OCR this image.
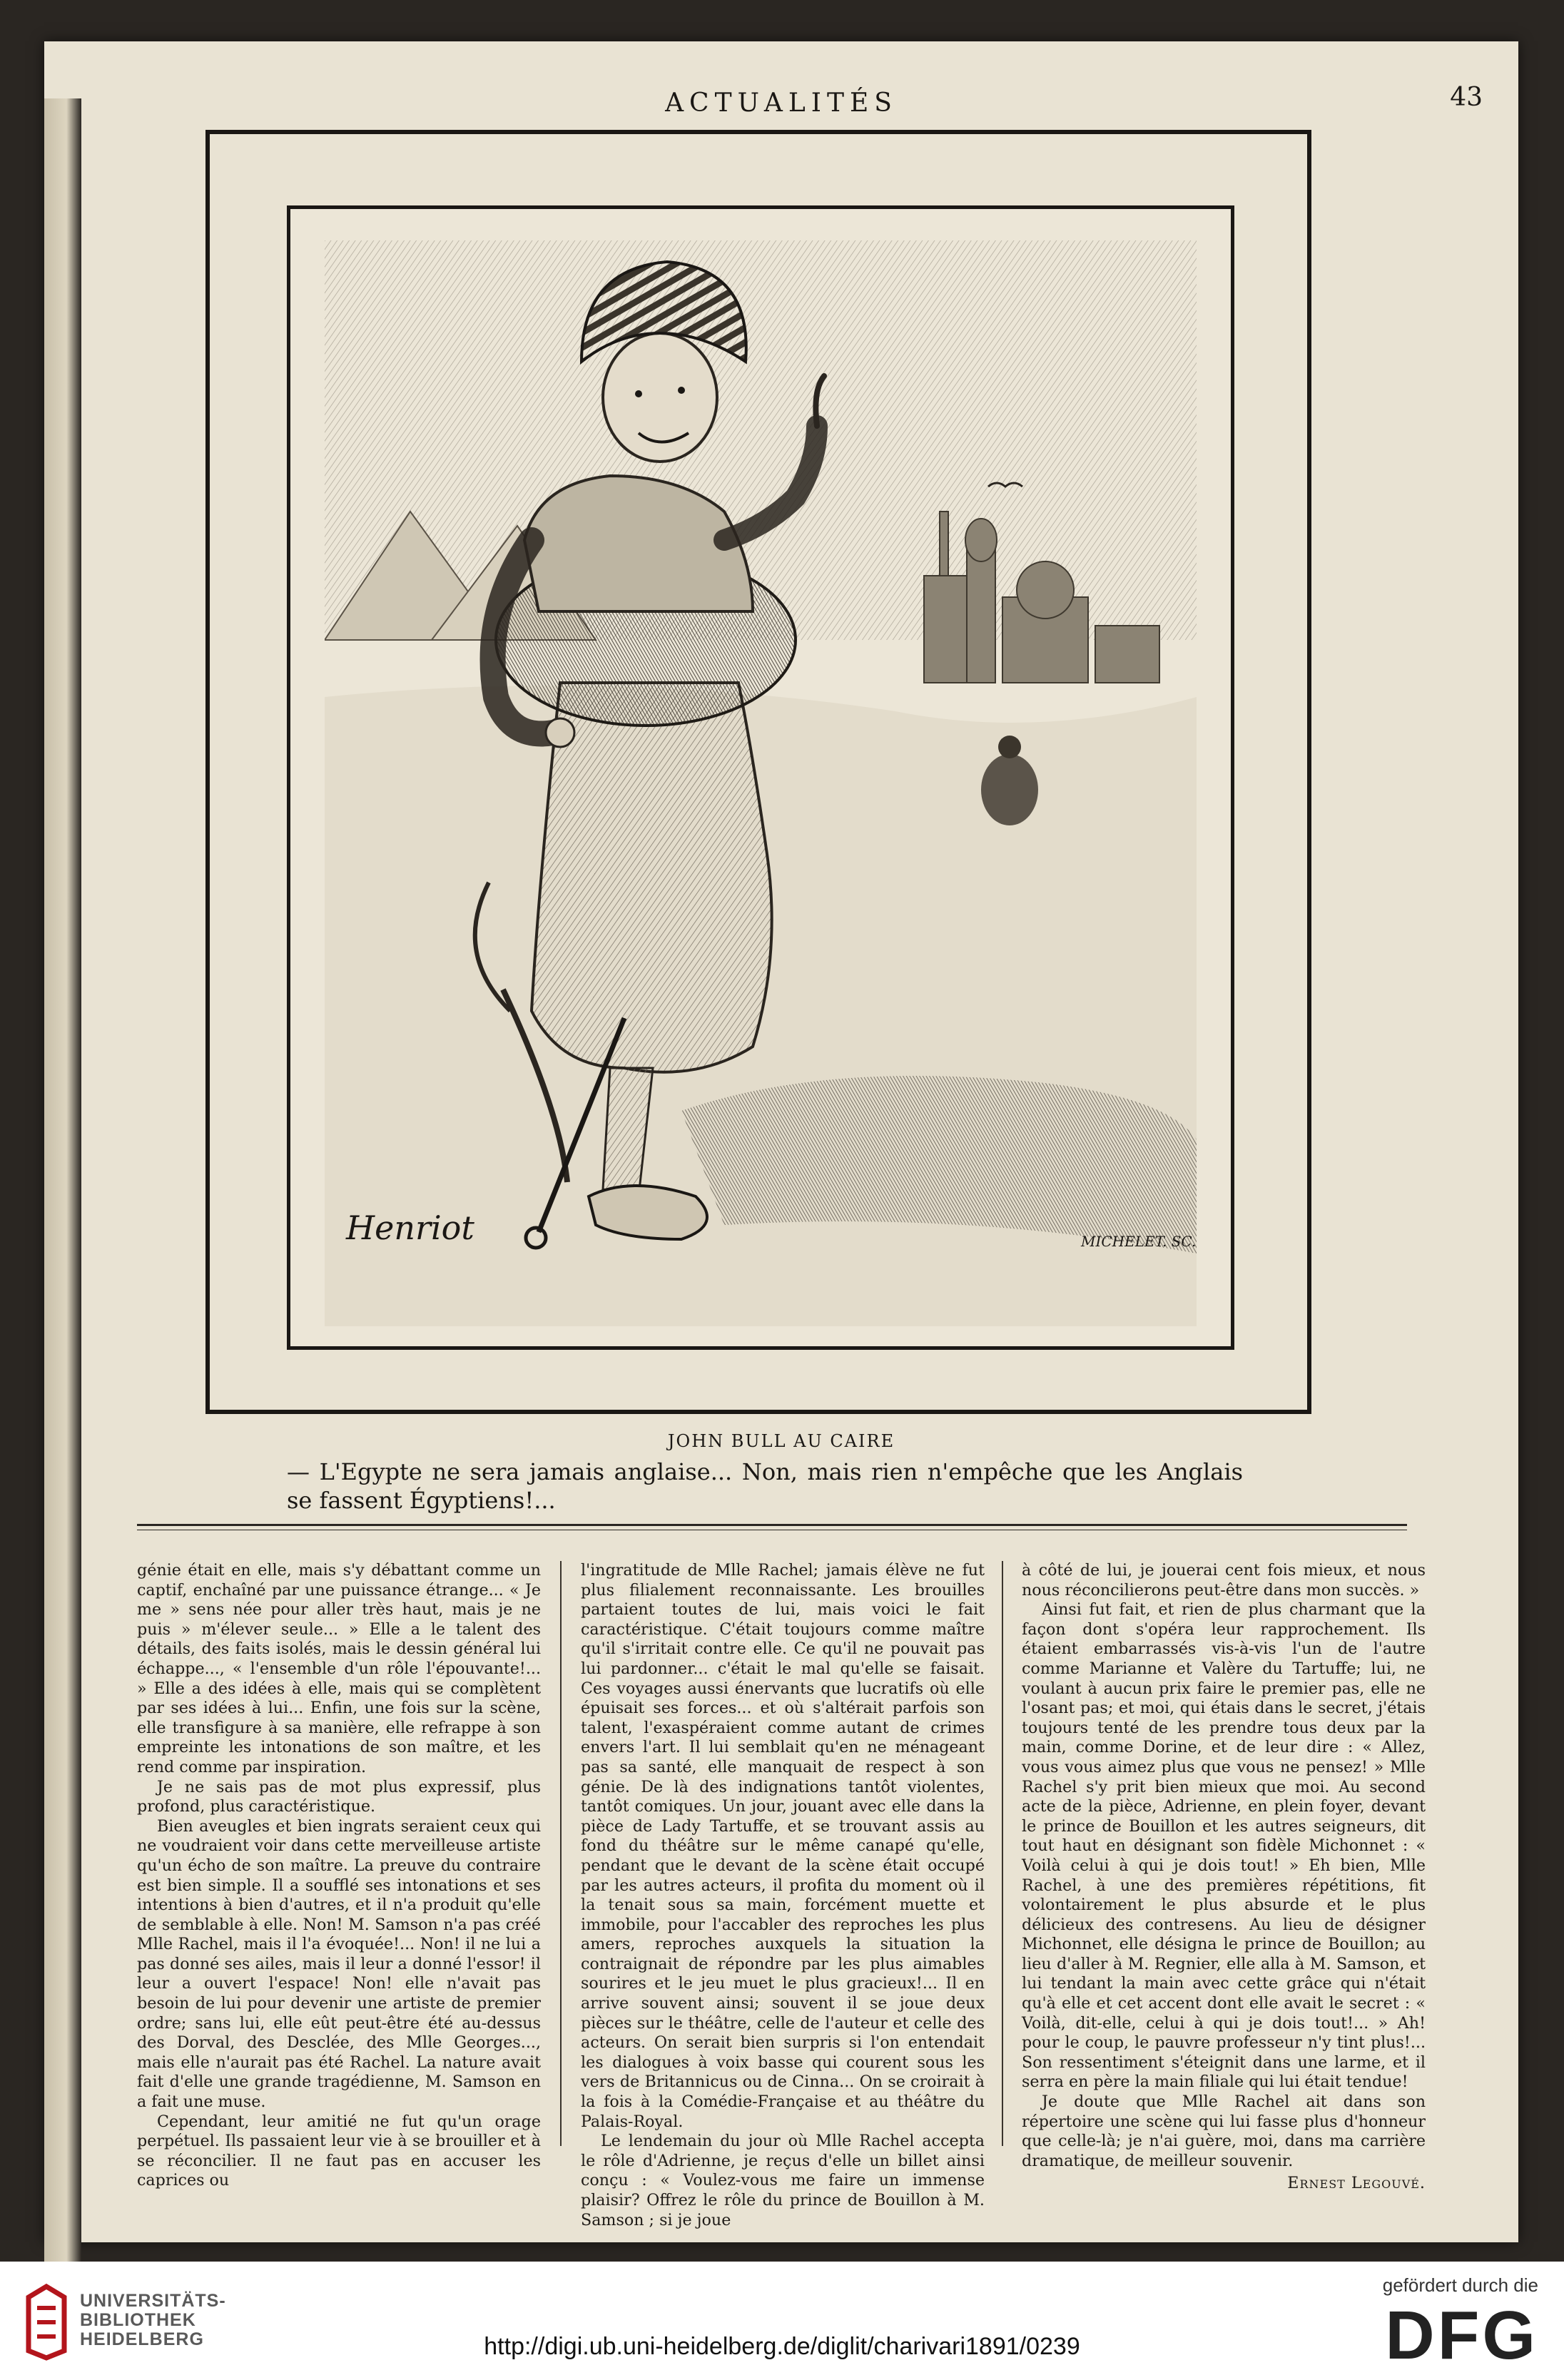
ACTUALITÉS	43
Henriot	MICHELET. SC.
JOHN BULL AU CAIRE
— L'Egypte ne sera jamais anglaise... Non, mais rien n'empêche que les Anglais se fassent Égyptiens!...

génie était en elle, mais s'y débattant comme un captif, enchaîné par une puissance étrange... « Je me » sens née pour aller très haut, mais je ne puis » m'élever seule... » Elle a le talent des détails, des faits isolés, mais le dessin général lui échappe..., « l'ensemble d'un rôle l'épouvante!... » Elle a des idées à elle, mais qui se complètent par ses idées à lui... Enfin, une fois sur la scène, elle transfigure à sa manière, elle refrappe à son empreinte les intonations de son maître, et les rend comme par inspiration.

Je ne sais pas de mot plus expressif, plus profond, plus caractéristique.

Bien aveugles et bien ingrats seraient ceux qui ne voudraient voir dans cette merveilleuse artiste qu'un écho de son maître. La preuve du contraire est bien simple. Il a soufflé ses intonations et ses intentions à bien d'autres, et il n'a produit qu'elle de semblable à elle. Non! M. Samson n'a pas créé Mlle Rachel, mais il l'a évoquée!... Non! il ne lui a pas donné ses ailes, mais il leur a donné l'essor! il leur a ouvert l'espace! Non! elle n'avait pas besoin de lui pour devenir une artiste de premier ordre; sans lui, elle eût peut-être été au-dessus des Dorval, des Desclée, des Mlle Georges..., mais elle n'aurait pas été Rachel. La nature avait fait d'elle une grande tragédienne, M. Samson en a fait une muse.

Cependant, leur amitié ne fut qu'un orage perpétuel. Ils passaient leur vie à se brouiller et à se réconcilier. Il ne faut pas en accuser les caprices ou

l'ingratitude de Mlle Rachel; jamais élève ne fut plus filialement reconnaissante. Les brouilles partaient toutes de lui, mais voici le fait caractéristique. C'était toujours comme maître qu'il s'irritait contre elle. Ce qu'il ne pouvait pas lui pardonner... c'était le mal qu'elle se faisait. Ces voyages aussi énervants que lucratifs où elle épuisait ses forces... et où s'altérait parfois son talent, l'exaspéraient comme autant de crimes envers l'art. Il lui semblait qu'en ne ménageant pas sa santé, elle manquait de respect à son génie. De là des indignations tantôt violentes, tantôt comiques. Un jour, jouant avec elle dans la pièce de Lady Tartuffe, et se trouvant assis au fond du théâtre sur le même canapé qu'elle, pendant que le devant de la scène était occupé par les autres acteurs, il profita du moment où il la tenait sous sa main, forcément muette et immobile, pour l'accabler des reproches les plus amers, reproches auxquels la situation la contraignait de répondre par les plus aimables sourires et le jeu muet le plus gracieux!... Il en arrive souvent ainsi; souvent il se joue deux pièces sur le théâtre, celle de l'auteur et celle des acteurs. On serait bien surpris si l'on entendait les dialogues à voix basse qui courent sous les vers de Britannicus ou de Cinna... On se croirait à la fois à la Comédie-Française et au théâtre du Palais-Royal.

Le lendemain du jour où Mlle Rachel accepta le rôle d'Adrienne, je reçus d'elle un billet ainsi conçu : « Voulez-vous me faire un immense plaisir? Offrez le rôle du prince de Bouillon à M. Samson ; si je joue

à côté de lui, je jouerai cent fois mieux, et nous nous réconcilierons peut-être dans mon succès. »

Ainsi fut fait, et rien de plus charmant que la façon dont s'opéra leur rapprochement. Ils étaient embarrassés vis-à-vis l'un de l'autre comme Marianne et Valère du Tartuffe; lui, ne voulant à aucun prix faire le premier pas, elle ne l'osant pas; et moi, qui étais dans le secret, j'étais toujours tenté de les prendre tous deux par la main, comme Dorine, et de leur dire : « Allez, vous vous aimez plus que vous ne pensez! » Mlle Rachel s'y prit bien mieux que moi. Au second acte de la pièce, Adrienne, en plein foyer, devant le prince de Bouillon et les autres seigneurs, dit tout haut en désignant son fidèle Michonnet : « Voilà celui à qui je dois tout! » Eh bien, Mlle Rachel, à une des premières répétitions, fit volontairement le plus absurde et le plus délicieux des contresens. Au lieu de désigner Michonnet, elle désigna le prince de Bouillon; au lieu d'aller à M. Regnier, elle alla à M. Samson, et lui tendant la main avec cette grâce qui n'était qu'à elle et cet accent dont elle avait le secret : « Voilà, dit-elle, celui à qui je dois tout!... » Ah! pour le coup, le pauvre professeur n'y tint plus!... Son ressentiment s'éteignit dans une larme, et il serra en père la main filiale qui lui était tendue!

Je doute que Mlle Rachel ait dans son répertoire une scène qui lui fasse plus d'honneur que celle-là; je n'ai guère, moi, dans ma carrière dramatique, de meilleur souvenir.

Ernest Legouvé.
UNIVERSITÄTS-
BIBLIOTHEK
HEIDELBERG	http://digi.ub.uni-heidelberg.de/diglit/charivari1891/0239
gefördert durch die
DFG
